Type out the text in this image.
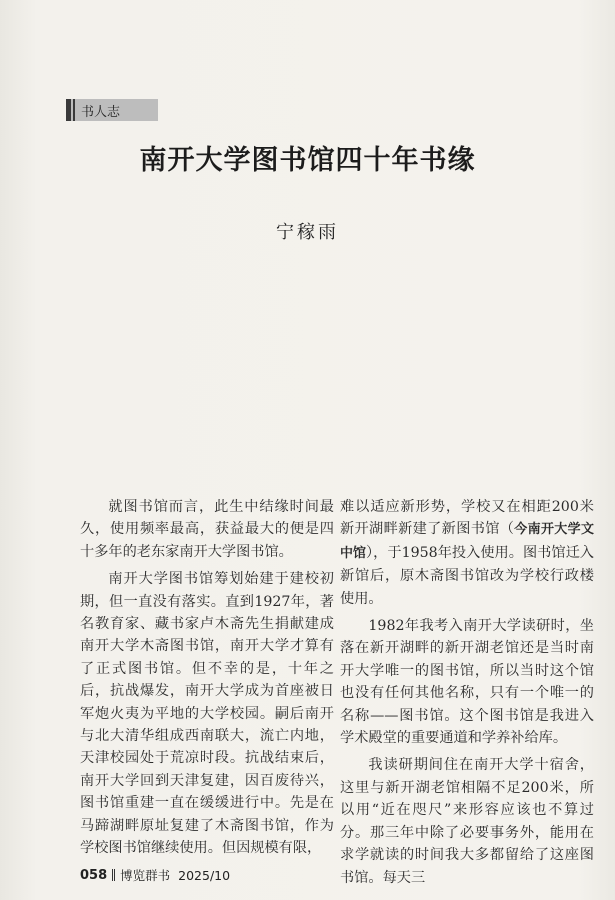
书人志
南开大学图书馆四十年书缘
宁稼雨

就图书馆而言，此生中结缘时间最久，使用频率最高，获益最大的便是四十多年的老东家南开大学图书馆。

南开大学图书馆筹划始建于建校初期，但一直没有落实。直到1927年，著名教育家、藏书家卢木斋先生捐献建成南开大学木斋图书馆，南开大学才算有了正式图书馆。但不幸的是，十年之后，抗战爆发，南开大学成为首座被日军炮火夷为平地的大学校园。嗣后南开与北大清华组成西南联大，流亡内地，天津校园处于荒凉时段。抗战结束后，南开大学回到天津复建，因百废待兴，图书馆重建一直在缓缓进行中。先是在马蹄湖畔原址复建了木斋图书馆，作为学校图书馆继续使用。但因规模有限，

难以适应新形势，学校又在相距200米新开湖畔新建了新图书馆（今南开大学文中馆），于1958年投入使用。图书馆迁入新馆后，原木斋图书馆改为学校行政楼使用。

1982年我考入南开大学读研时，坐落在新开湖畔的新开湖老馆还是当时南开大学唯一的图书馆，所以当时这个馆也没有任何其他名称，只有一个唯一的名称——图书馆。这个图书馆是我进入学术殿堂的重要通道和学养补给库。

我读研期间住在南开大学十宿舍，这里与新开湖老馆相隔不足200米，所以用“近在咫尺”来形容应该也不算过分。那三年中除了必要事务外，能用在求学就读的时间我大多都留给了这座图书馆。每天三

058 博览群书 2025/10
